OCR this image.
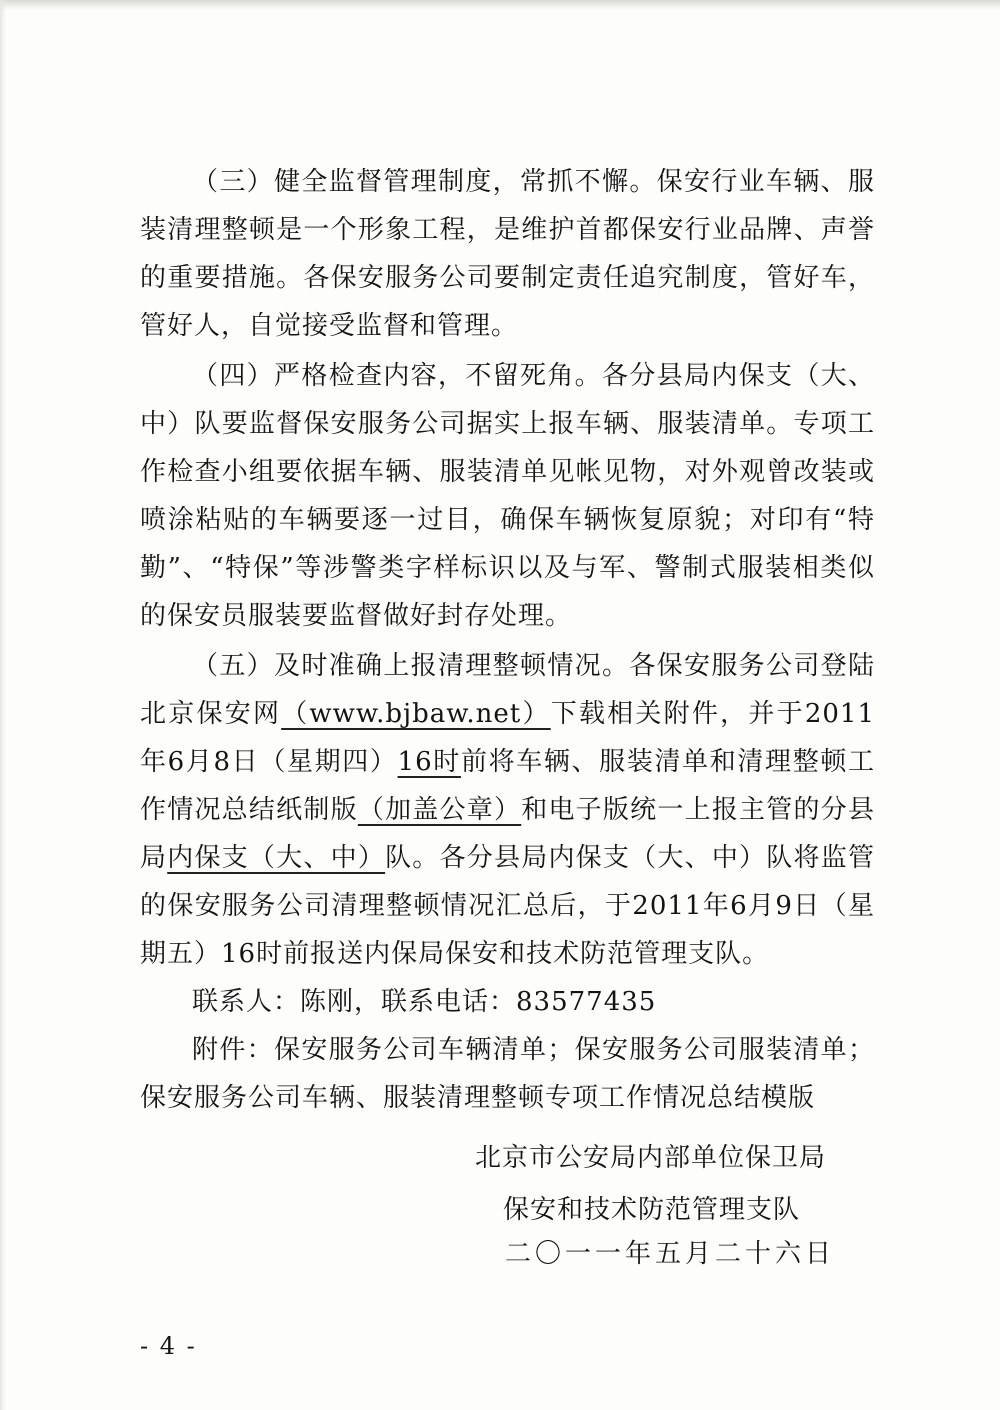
（三）健全监督管理制度，常抓不懈。保安行业车辆、服装清理整顿是一个形象工程，是维护首都保安行业品牌、声誉的重要措施。各保安服务公司要制定责任追究制度，管好车，管好人，自觉接受监督和管理。

（四）严格检查内容，不留死角。各分县局内保支（大、中）队要监督保安服务公司据实上报车辆、服装清单。专项工作检查小组要依据车辆、服装清单见帐见物，对外观曾改装或喷涂粘贴的车辆要逐一过目，确保车辆恢复原貌；对印有“特勤”、“特保”等涉警类字样标识以及与军、警制式服装相类似的保安员服装要监督做好封存处理。

（五）及时准确上报清理整顿情况。各保安服务公司登陆北京保安网（www.bjbaw.net）下载相关附件，并于2011年6月8日（星期四）16时前将车辆、服装清单和清理整顿工作情况总结纸制版（加盖公章）和电子版统一上报主管的分县局内保支（大、中）队。各分县局内保支（大、中）队将监管的保安服务公司清理整顿情况汇总后，于2011年6月9日（星期五）16时前报送内保局保安和技术防范管理支队。

联系人：陈刚，联系电话：83577435

附件：保安服务公司车辆清单；保安服务公司服装清单；保安服务公司车辆、服装清理整顿专项工作情况总结模版

北京市公安局内部单位保卫局
保安和技术防范管理支队
二〇一一年五月二十六日
- 4 -
